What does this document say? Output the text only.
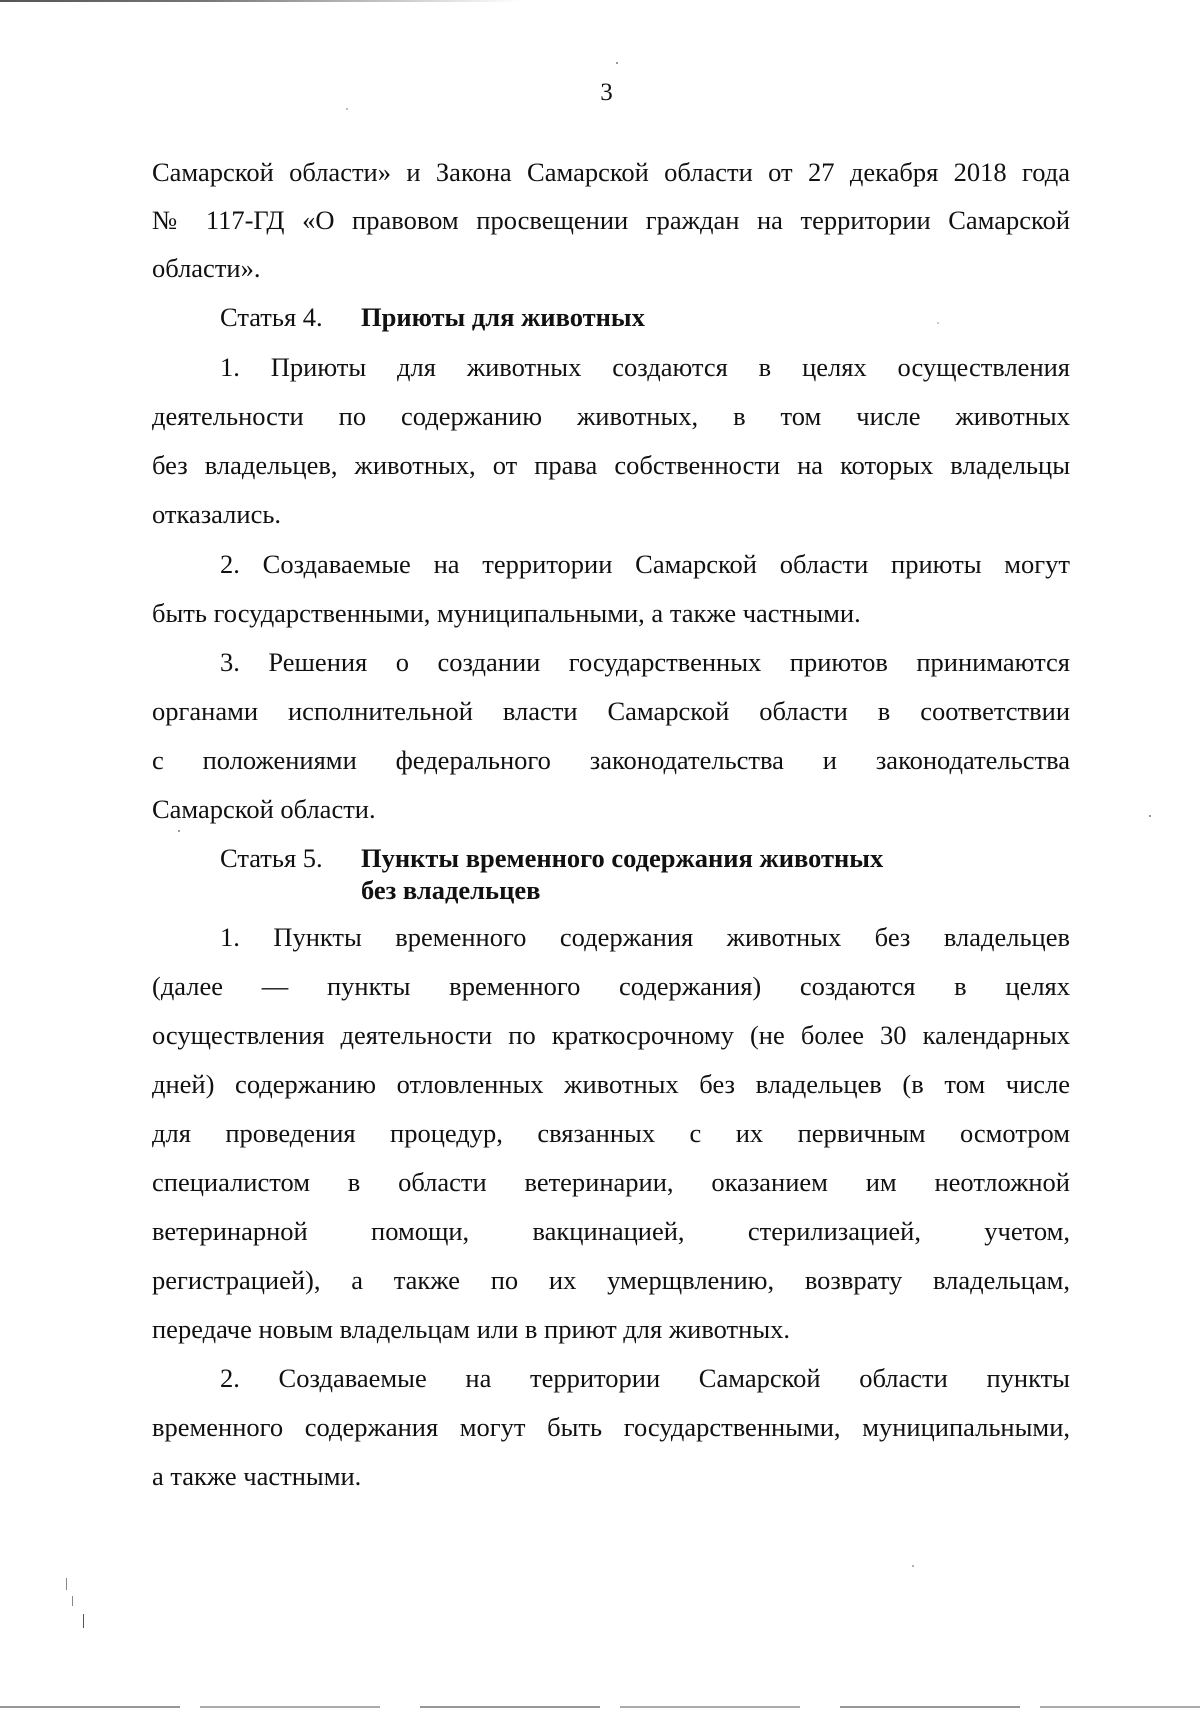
3
Самарской области» и Закона Самарской области от 27 декабря 2018 года
№ 117-ГД «О правовом просвещении граждан на территории Самарской
области».
Статья 4. Приюты для животных
1. Приюты для животных создаются в целях осуществления
деятельности по содержанию животных, в том числе животных
без владельцев, животных, от права собственности на которых владельцы
отказались.
2. Создаваемые на территории Самарской области приюты могут
быть государственными, муниципальными, а также частными.
3. Решения о создании государственных приютов принимаются
органами исполнительной власти Самарской области в соответствии
с положениями федерального законодательства и законодательства
Самарской области.
Статья 5. Пункты временного содержания животных
без владельцев
1. Пункты временного содержания животных без владельцев
(далее — пункты временного содержания) создаются в целях
осуществления деятельности по краткосрочному (не более 30 календарных
дней) содержанию отловленных животных без владельцев (в том числе
для проведения процедур, связанных с их первичным осмотром
специалистом в области ветеринарии, оказанием им неотложной
ветеринарной помощи, вакцинацией, стерилизацией, учетом,
регистрацией), а также по их умерщвлению, возврату владельцам,
передаче новым владельцам или в приют для животных.
2. Создаваемые на территории Самарской области пункты
временного содержания могут быть государственными, муниципальными,
а также частными.
